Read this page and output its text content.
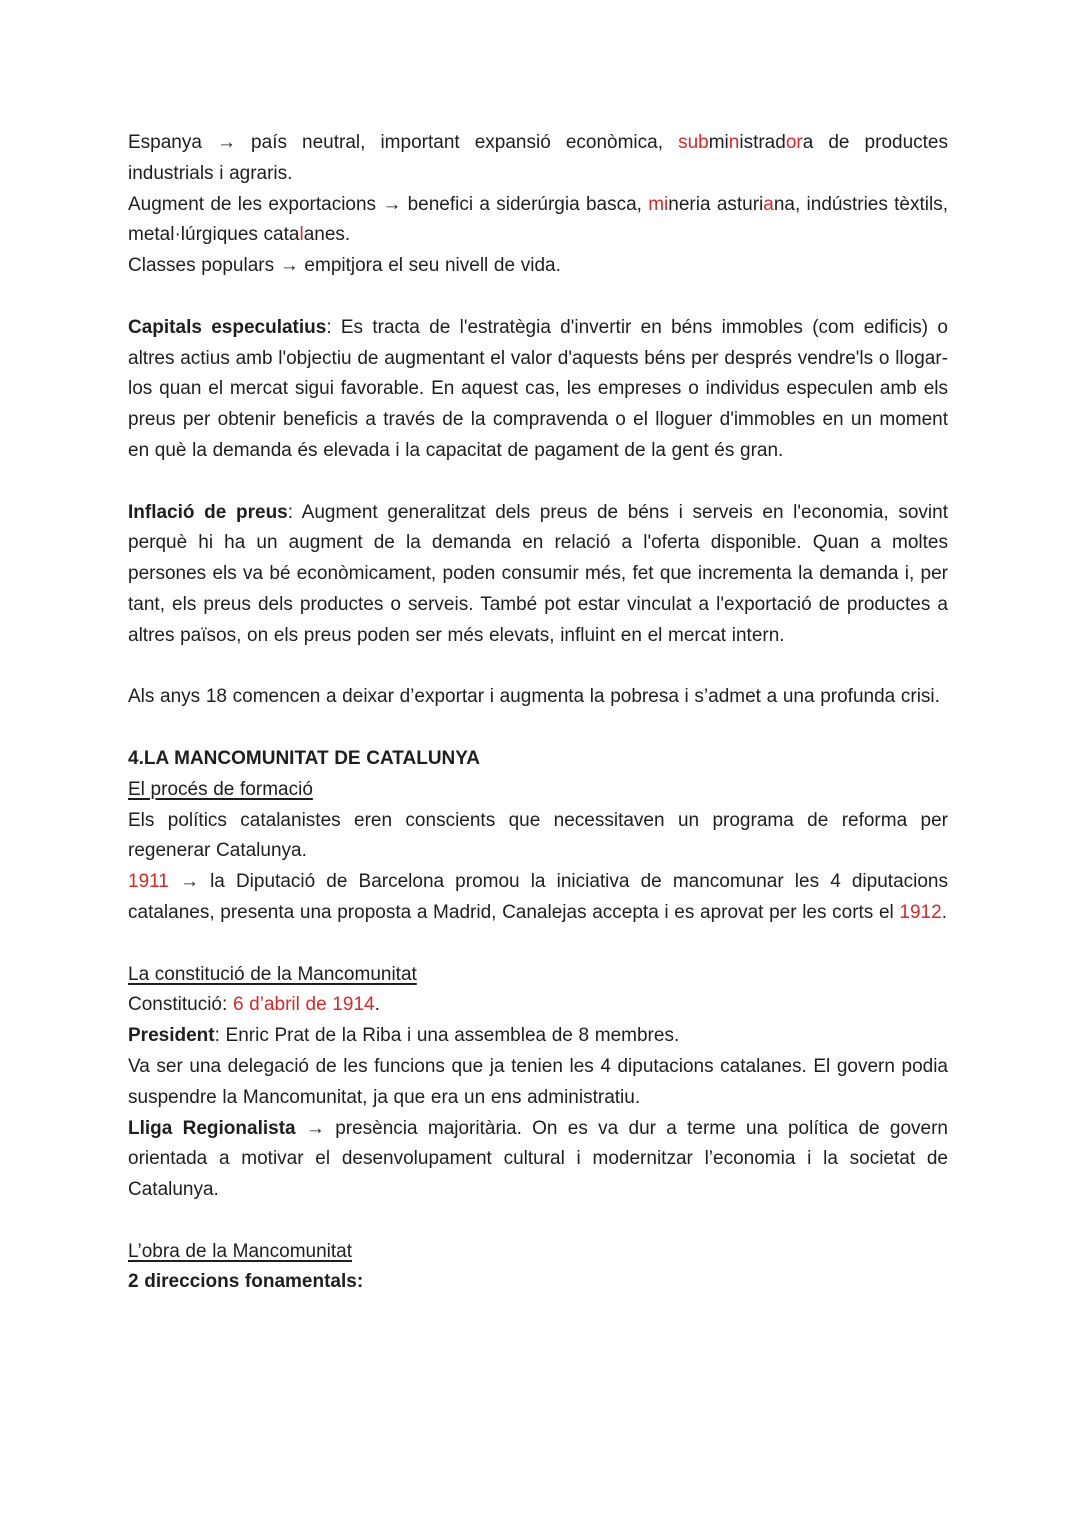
Espanya → país neutral, important expansió econòmica, subministradora de productes industrials i agraris.

Augment de les exportacions → benefici a siderúrgia basca, mineria asturiana, indústries tèxtils, metal·lúrgiques catalanes.

Classes populars → empitjora el seu nivell de vida.

Capitals especulatius: Es tracta de l'estratègia d'invertir en béns immobles (com edificis) o altres actius amb l'objectiu de augmentant el valor d'aquests béns per després vendre'ls o llogar-los quan el mercat sigui favorable. En aquest cas, les empreses o individus especulen amb els preus per obtenir beneficis a través de la compravenda o el lloguer d'immobles en un moment en què la demanda és elevada i la capacitat de pagament de la gent és gran.

Inflació de preus: Augment generalitzat dels preus de béns i serveis en l'economia, sovint perquè hi ha un augment de la demanda en relació a l'oferta disponible. Quan a moltes persones els va bé econòmicament, poden consumir més, fet que incrementa la demanda i, per tant, els preus dels productes o serveis. També pot estar vinculat a l'exportació de productes a altres països, on els preus poden ser més elevats, influint en el mercat intern.

Als anys 18 comencen a deixar d’exportar i augmenta la pobresa i s’admet a una profunda crisi.

4.LA MANCOMUNITAT DE CATALUNYA

El procés de formació

Els polítics catalanistes eren conscients que necessitaven un programa de reforma per regenerar Catalunya.

1911 → la Diputació de Barcelona promou la iniciativa de mancomunar les 4 diputacions catalanes, presenta una proposta a Madrid, Canalejas accepta i es aprovat per les corts el 1912.

La constitució de la Mancomunitat

Constitució: 6 d’abril de 1914.

President: Enric Prat de la Riba i una assemblea de 8 membres.

Va ser una delegació de les funcions que ja tenien les 4 diputacions catalanes. El govern podia suspendre la Mancomunitat, ja que era un ens administratiu.

Lliga Regionalista → presència majoritària. On es va dur a terme una política de govern orientada a motivar el desenvolupament cultural i modernitzar l’economia i la societat de Catalunya.

L’obra de la Mancomunitat

2 direccions fonamentals:
